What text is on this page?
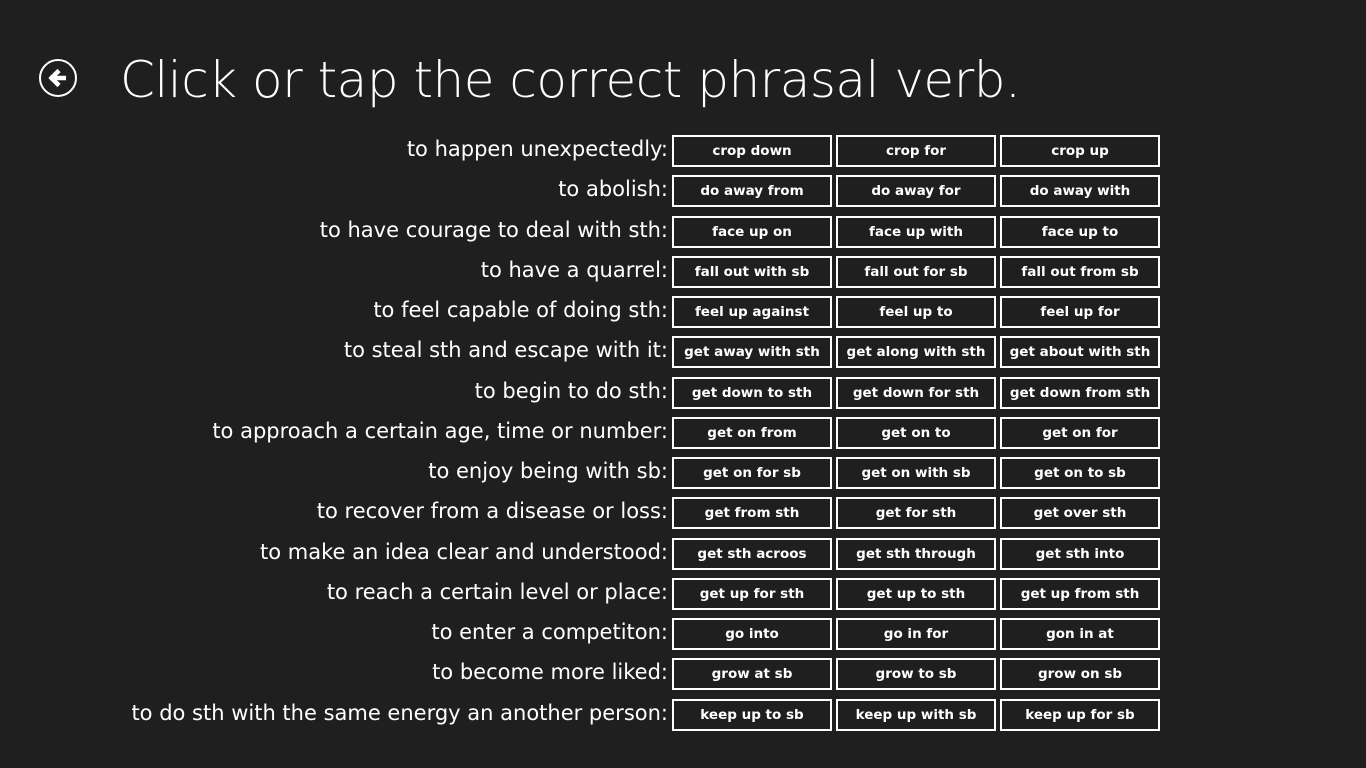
Click or tap the correct phrasal verb.
to happen unexpectedly:	crop down	crop for	crop up
to abolish:	do away from	do away for	do away with
to have courage to deal with sth:	face up on	face up with	face up to
to have a quarrel:	fall out with sb	fall out for sb	fall out from sb
to feel capable of doing sth:	feel up against	feel up to	feel up for
to steal sth and escape with it:	get away with sth	get along with sth	get about with sth
to begin to do sth:	get down to sth	get down for sth	get down from sth
to approach a certain age, time or number:	get on from	get on to	get on for
to enjoy being with sb:	get on for sb	get on with sb	get on to sb
to recover from a disease or loss:	get from sth	get for sth	get over sth
to make an idea clear and understood:	get sth acroos	get sth through	get sth into
to reach a certain level or place:	get up for sth	get up to sth	get up from sth
to enter a competiton:	go into	go in for	gon in at
to become more liked:	grow at sb	grow to sb	grow on sb
to do sth with the same energy an another person:	keep up to sb	keep up with sb	keep up for sb
